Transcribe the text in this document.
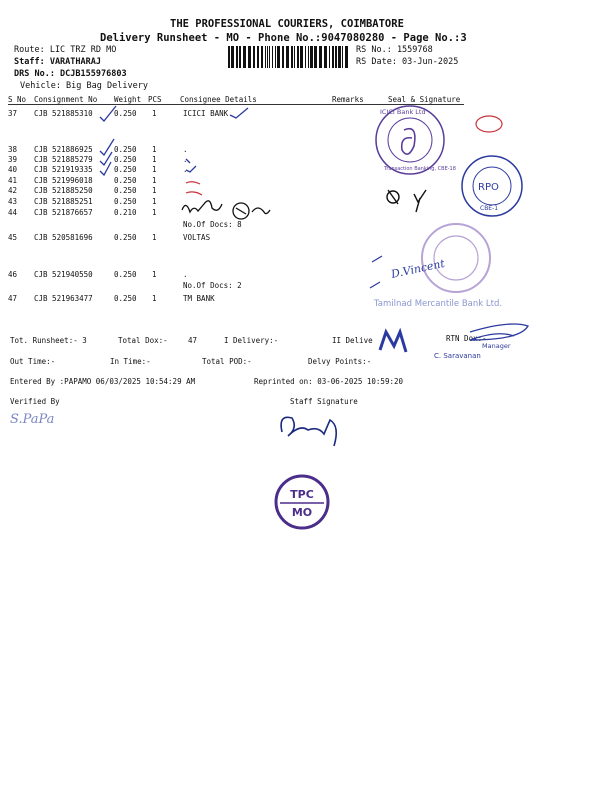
THE PROFESSIONAL COURIERS, COIMBATORE
Delivery Runsheet - MO - Phone No.:9047080280 - Page No.:3
Route: LIC TRZ RD MO
Staff: VARATHARAJ
DRS No.: DCJB155976803
Vehicle: Big Bag Delivery
RS No.: 1559768
RS Date: 03-Jun-2025
S No Consignment No Weight PCS Consignee Details	Remarks	Seal & Signature
37 CJB 521885310	0.250 1	ICICI BANK
38 CJB 521886925	0.250 1	.
39 CJB 521885279	0.250 1	.
40 CJB 521919335	0.250 1	.
41 CJB 521996018	0.250 1
42 CJB 521885250	0.250 1
43 CJB 521885251	0.250 1
44 CJB 521876657	0.210 1
45 CJB 520581696	0.250 1	VOLTAS
46 CJB 521940550	0.250 1	.
47 CJB 521963477	0.250 1	TM BANK
No.Of Docs: 8
No.Of Docs: 2
Tot. Runsheet:- 3	Total Dox:-	47	I Delivery:-	II Delive	RTN Dox:-
Out Time:-	In Time:-	Total POD:-	Delvy Points:-
Entered By :PAPAMO 06/03/2025 10:54:29 AM	Reprinted on: 03-06-2025 10:59:20
Verified By	Staff Signature
S.PaPa
ICICI Bank Ltd
Transaction Banking, CBE-18
RPO
CBE-1
D.Vincent
Tamilnad Mercantile Bank Ltd.
Manager
C. Saravanan
TPC
MO
